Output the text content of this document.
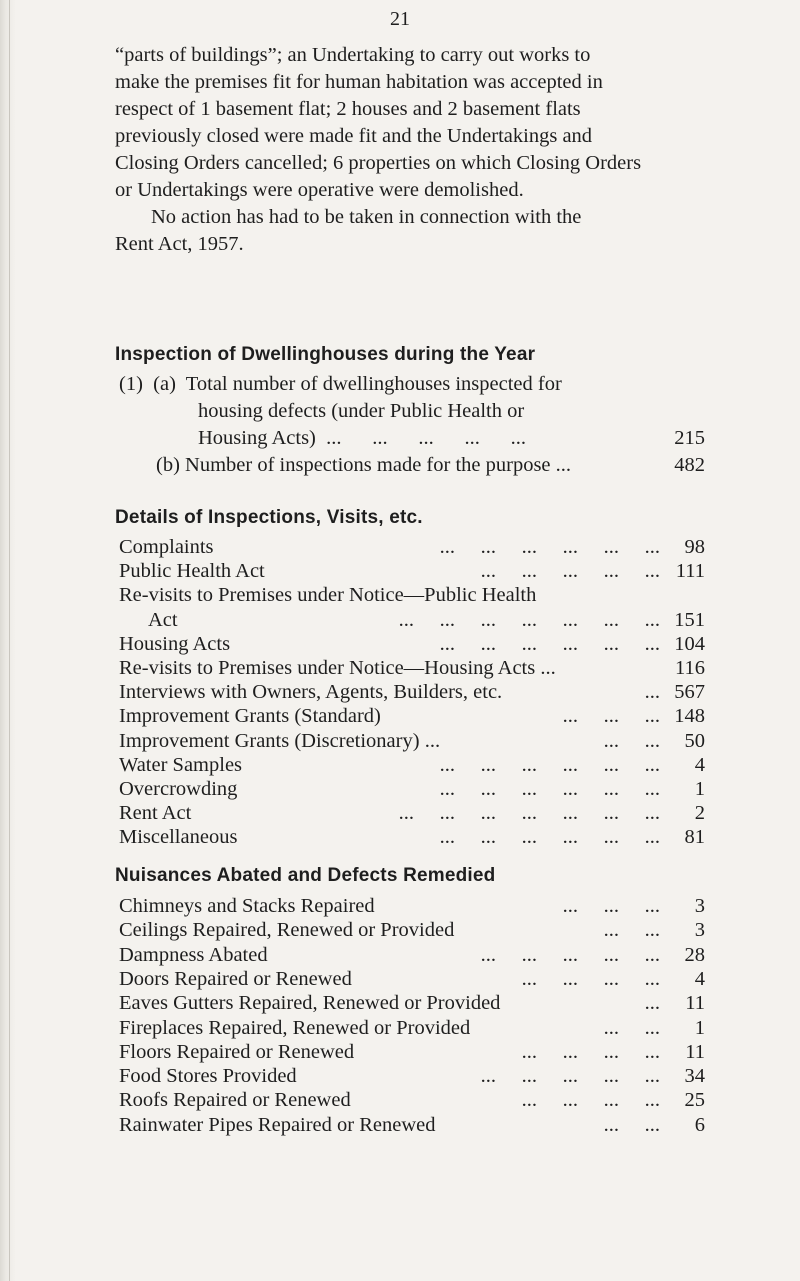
21
“parts of buildings”; an Undertaking to carry out works to
make the premises fit for human habitation was accepted in
respect of 1 basement flat; 2 houses and 2 basement flats
previously closed were made fit and the Undertakings and
Closing Orders cancelled; 6 properties on which Closing Orders
or Undertakings were operative were demolished.
No action has had to be taken in connection with the
Rent Act, 1957.
Inspection of Dwellinghouses during the Year
(1)  (a)  Total number of dwellinghouses inspected for
housing defects (under Public Health or
Housing Acts)  ...      ...      ...      ...      ...	215
(b) Number of inspections made for the purpose ...	482
Details of Inspections, Visits, etc.
Complaints	...     ...     ...     ...     ...     ... 98
Public Health Act	...     ...     ...     ...     ... 111
Re-visits to Premises under Notice—Public Health
Act	...     ...     ...     ...     ...     ...     ... 151
Housing Acts	...     ...     ...     ...     ...     ... 104
Re-visits to Premises under Notice—Housing Acts ...	116
Interviews with Owners, Agents, Builders, etc.	... 567
Improvement Grants (Standard)	...     ...     ... 148
Improvement Grants (Discretionary) ...	...     ... 50
Water Samples	...     ...     ...     ...     ...     ... 4
Overcrowding	...     ...     ...     ...     ...     ... 1
Rent Act	...     ...     ...     ...     ...     ...     ... 2
Miscellaneous	...     ...     ...     ...     ...     ... 81
Nuisances Abated and Defects Remedied
Chimneys and Stacks Repaired	...     ...     ... 3
Ceilings Repaired, Renewed or Provided	...     ... 3
Dampness Abated	...     ...     ...     ...     ... 28
Doors Repaired or Renewed	...     ...     ...     ... 4
Eaves Gutters Repaired, Renewed or Provided	... 11
Fireplaces Repaired, Renewed or Provided	...     ... 1
Floors Repaired or Renewed	...     ...     ...     ... 11
Food Stores Provided	...     ...     ...     ...     ... 34
Roofs Repaired or Renewed	...     ...     ...     ... 25
Rainwater Pipes Repaired or Renewed	...     ... 6
